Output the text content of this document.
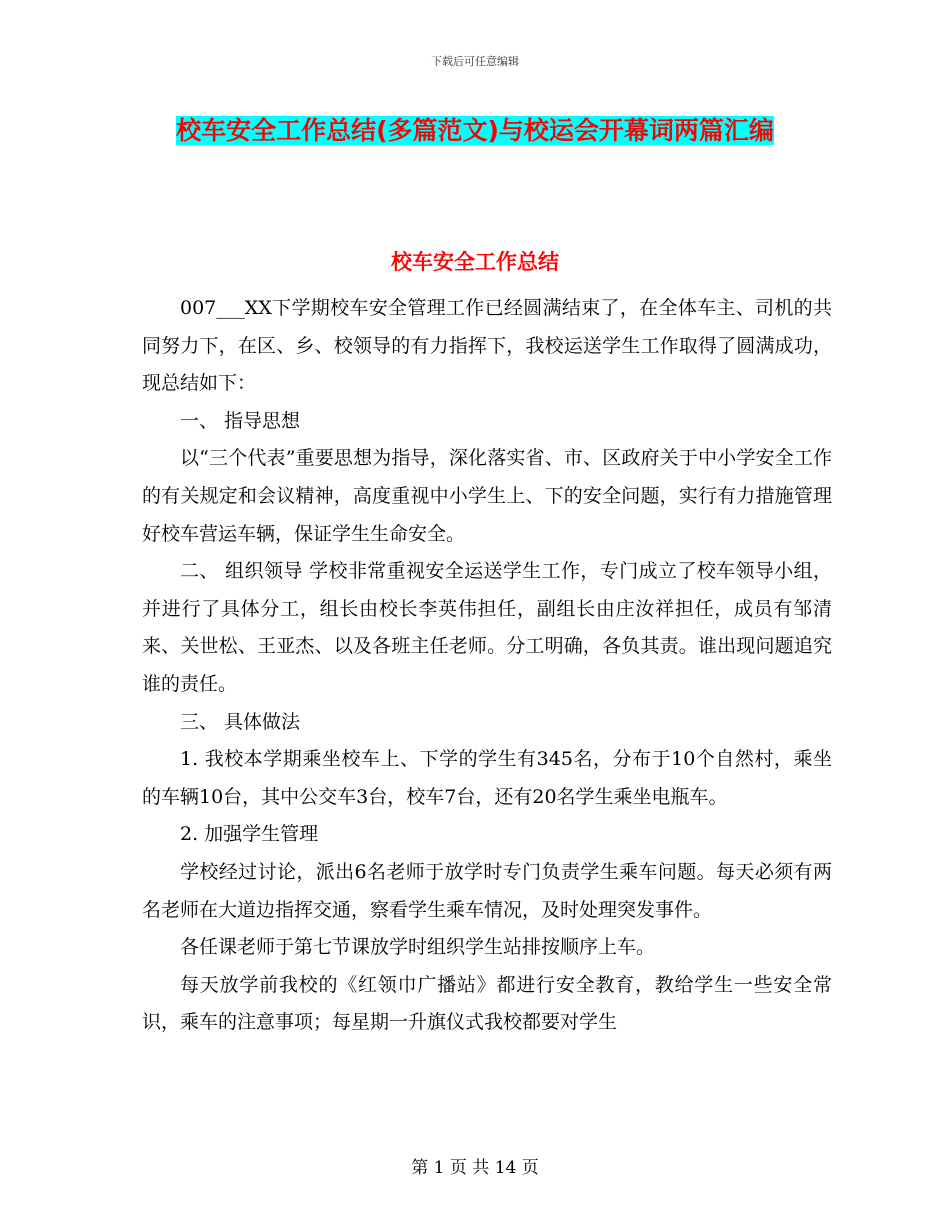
下载后可任意编辑
校车安全工作总结(多篇范文)与校运会开幕词两篇汇编
校车安全工作总结

007___XX下学期校车安全管理工作已经圆满结束了，在全体车主、司机的共同努力下，在区、乡、校领导的有力指挥下，我校运送学生工作取得了圆满成功，现总结如下：

一、 指导思想

以“三个代表”重要思想为指导，深化落实省、市、区政府关于中小学安全工作的有关规定和会议精神，高度重视中小学生上、下的安全问题，实行有力措施管理好校车营运车辆，保证学生生命安全。

二、 组织领导 学校非常重视安全运送学生工作，专门成立了校车领导小组，并进行了具体分工，组长由校长李英伟担任，副组长由庄汝祥担任，成员有邹清来、关世松、王亚杰、以及各班主任老师。分工明确，各负其责。谁出现问题追究谁的责任。

三、 具体做法

1. 我校本学期乘坐校车上、下学的学生有345名，分布于10个自然村，乘坐的车辆10台，其中公交车3台，校车7台，还有20名学生乘坐电瓶车。

2. 加强学生管理

学校经过讨论，派出6名老师于放学时专门负责学生乘车问题。每天必须有两名老师在大道边指挥交通，察看学生乘车情况，及时处理突发事件。

各任课老师于第七节课放学时组织学生站排按顺序上车。

每天放学前我校的《红领巾广播站》都进行安全教育，教给学生一些安全常识，乘车的注意事项；每星期一升旗仪式我校都要对学生

第 1 页 共 14 页
